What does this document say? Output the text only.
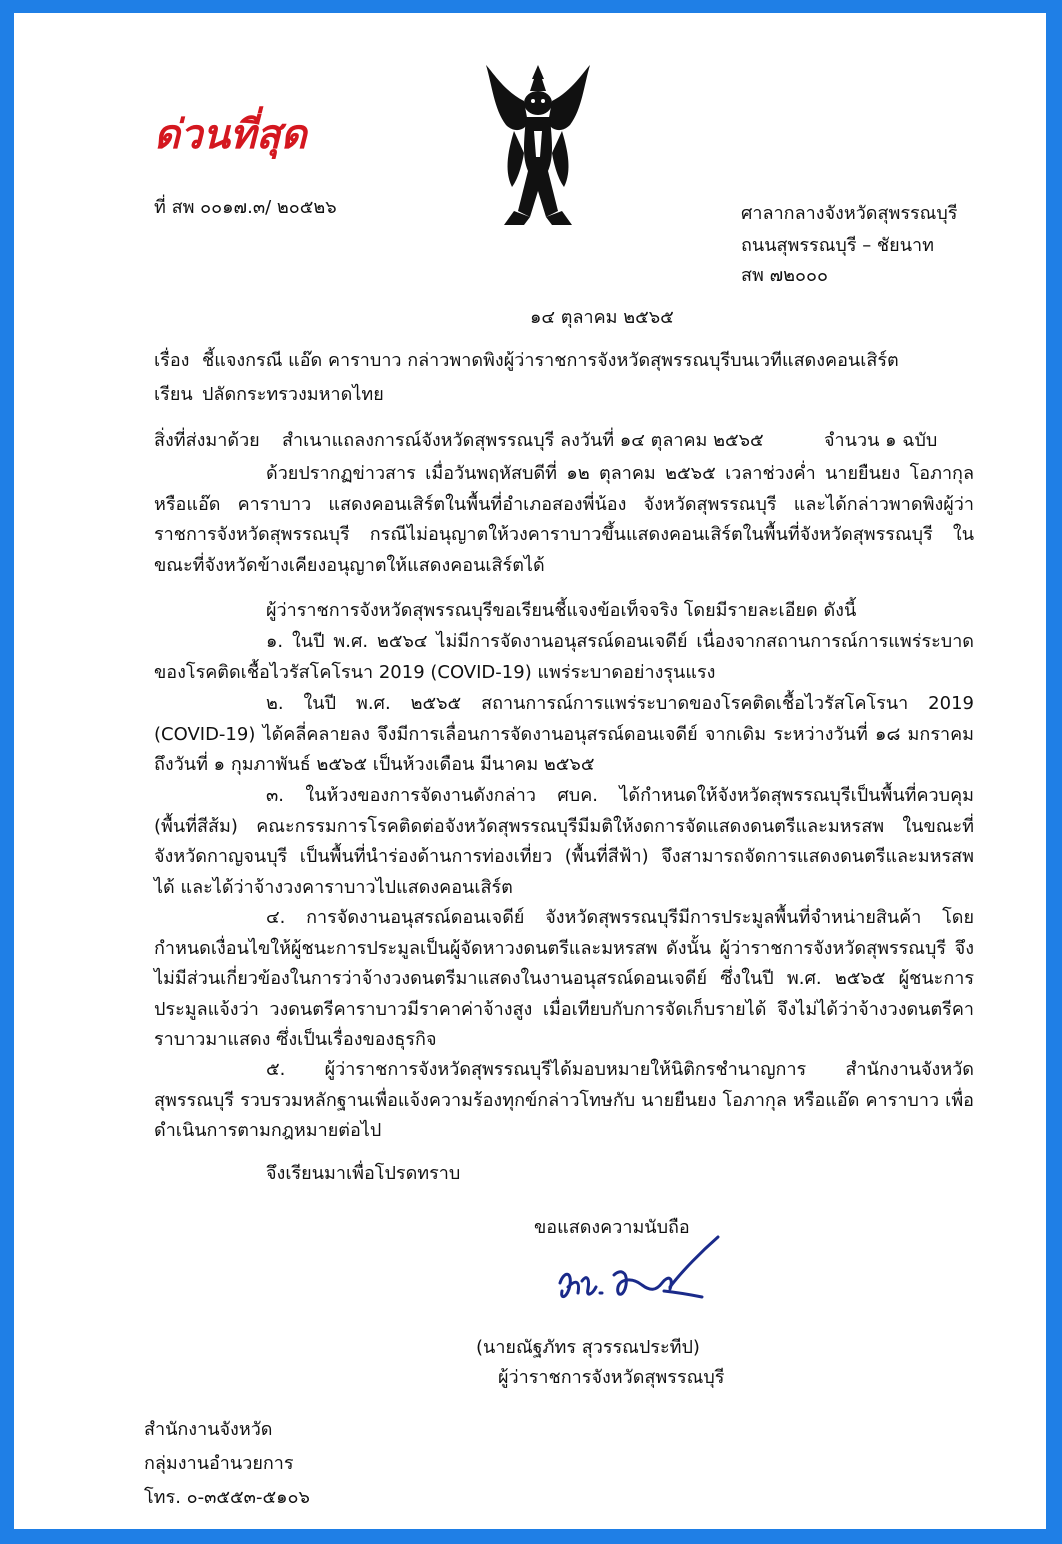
ด่วนที่สุด

ที่ สพ ๐๐๑๗.๓/ ๒๐๕๒๖	ศาลากลางจังหวัดสุพรรณบุรี

ถนนสุพรรณบุรี – ชัยนาท

สพ ๗๒๐๐๐

๑๔ ตุลาคม ๒๕๖๕

เรื่อง ชี้แจงกรณี แอ๊ด คาราบาว กล่าวพาดพิงผู้ว่าราชการจังหวัดสุพรรณบุรีบนเวทีแสดงคอนเสิร์ต

เรียน ปลัดกระทรวงมหาดไทย

สิ่งที่ส่งมาด้วย สำเนาแถลงการณ์จังหวัดสุพรรณบุรี ลงวันที่ ๑๔ ตุลาคม ๒๕๖๕	จำนวน ๑ ฉบับ

ด้วยปรากฏข่าวสาร เมื่อวันพฤหัสบดีที่ ๑๒ ตุลาคม ๒๕๖๕ เวลาช่วงค่ำ นายยืนยง โอภากุล หรือแอ๊ด คาราบาว แสดงคอนเสิร์ตในพื้นที่อำเภอสองพี่น้อง จังหวัดสุพรรณบุรี และได้กล่าวพาดพิงผู้ว่าราชการจังหวัดสุพรรณบุรี กรณีไม่อนุญาตให้วงคาราบาวขึ้นแสดงคอนเสิร์ตในพื้นที่จังหวัดสุพรรณบุรี ในขณะที่จังหวัดข้างเคียงอนุญาตให้แสดงคอนเสิร์ตได้

ผู้ว่าราชการจังหวัดสุพรรณบุรีขอเรียนชี้แจงข้อเท็จจริง โดยมีรายละเอียด ดังนี้

๑. ในปี พ.ศ. ๒๕๖๔ ไม่มีการจัดงานอนุสรณ์ดอนเจดีย์ เนื่องจากสถานการณ์การแพร่ระบาดของโรคติดเชื้อไวรัสโคโรนา 2019 (COVID-19) แพร่ระบาดอย่างรุนแรง

๒. ในปี พ.ศ. ๒๕๖๕ สถานการณ์การแพร่ระบาดของโรคติดเชื้อไวรัสโคโรนา 2019 (COVID-19) ได้คลี่คลายลง จึงมีการเลื่อนการจัดงานอนุสรณ์ดอนเจดีย์ จากเดิม ระหว่างวันที่ ๑๘ มกราคม ถึงวันที่ ๑ กุมภาพันธ์ ๒๕๖๕ เป็นห้วงเดือน มีนาคม ๒๕๖๕

๓. ในห้วงของการจัดงานดังกล่าว ศบค. ได้กำหนดให้จังหวัดสุพรรณบุรีเป็นพื้นที่ควบคุม (พื้นที่สีส้ม) คณะกรรมการโรคติดต่อจังหวัดสุพรรณบุรีมีมติให้งดการจัดแสดงดนตรีและมหรสพ ในขณะที่จังหวัดกาญจนบุรี เป็นพื้นที่นำร่องด้านการท่องเที่ยว (พื้นที่สีฟ้า) จึงสามารถจัดการแสดงดนตรีและมหรสพได้ และได้ว่าจ้างวงคาราบาวไปแสดงคอนเสิร์ต

๔. การจัดงานอนุสรณ์ดอนเจดีย์ จังหวัดสุพรรณบุรีมีการประมูลพื้นที่จำหน่ายสินค้า โดยกำหนดเงื่อนไขให้ผู้ชนะการประมูลเป็นผู้จัดหาวงดนตรีและมหรสพ ดังนั้น ผู้ว่าราชการจังหวัดสุพรรณบุรี จึงไม่มีส่วนเกี่ยวข้องในการว่าจ้างวงดนตรีมาแสดงในงานอนุสรณ์ดอนเจดีย์ ซึ่งในปี พ.ศ. ๒๕๖๕ ผู้ชนะการประมูลแจ้งว่า วงดนตรีคาราบาวมีราคาค่าจ้างสูง เมื่อเทียบกับการจัดเก็บรายได้ จึงไม่ได้ว่าจ้างวงดนตรีคาราบาวมาแสดง ซึ่งเป็นเรื่องของธุรกิจ

๕. ผู้ว่าราชการจังหวัดสุพรรณบุรีได้มอบหมายให้นิติกรชำนาญการ สำนักงานจังหวัดสุพรรณบุรี รวบรวมหลักฐานเพื่อแจ้งความร้องทุกข์กล่าวโทษกับ นายยืนยง โอภากุล หรือแอ๊ด คาราบาว เพื่อดำเนินการตามกฎหมายต่อไป

จึงเรียนมาเพื่อโปรดทราบ

ขอแสดงความนับถือ

(นายณัฐภัทร สุวรรณประทีป)

ผู้ว่าราชการจังหวัดสุพรรณบุรี

สำนักงานจังหวัด

กลุ่มงานอำนวยการ

โทร. ๐-๓๕๕๓-๕๑๐๖
